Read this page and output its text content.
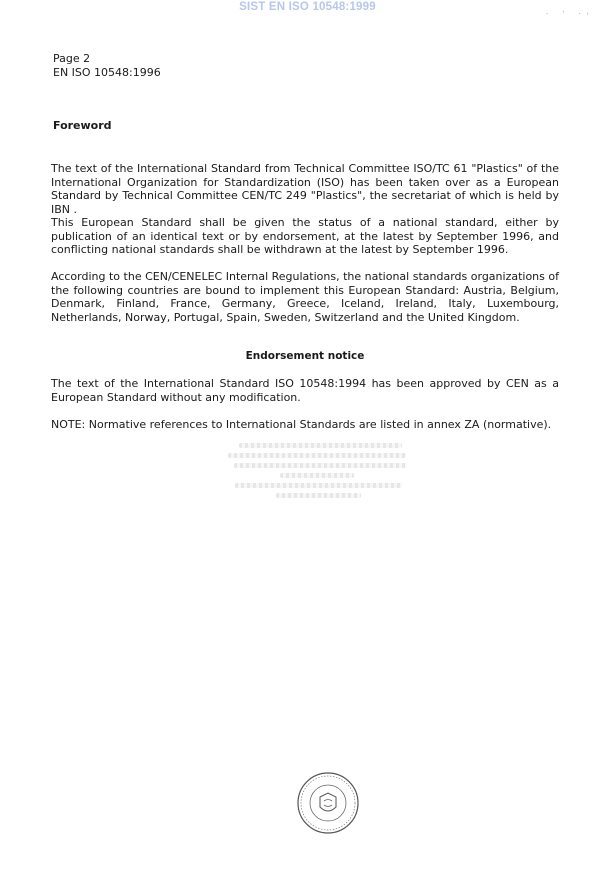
SIST EN ISO 10548:1999
· ˈ ·˒
Page 2
EN ISO 10548:1996
Foreword

The text of the International Standard from Technical Committee ISO/TC 61 "Plastics" of the International Organization for Standardization (ISO) has been taken over as a European Standard by Technical Committee CEN/TC 249 "Plastics", the secretariat of which is held by IBN .

This European Standard shall be given the status of a national standard, either by publication of an identical text or by endorsement, at the latest by September 1996, and conflicting national standards shall be withdrawn at the latest by September 1996.

According to the CEN/CENELEC Internal Regulations, the national standards organizations of the following countries are bound to implement this European Standard: Austria, Belgium, Denmark, Finland, France, Germany, Greece, Iceland, Ireland, Italy, Luxembourg, Netherlands, Norway, Portugal, Spain, Sweden, Switzerland and the United Kingdom.

Endorsement notice

The text of the International Standard ISO 10548:1994 has been approved by CEN as a European Standard without any modification.

NOTE: Normative references to International Standards are listed in annex ZA (normative).
